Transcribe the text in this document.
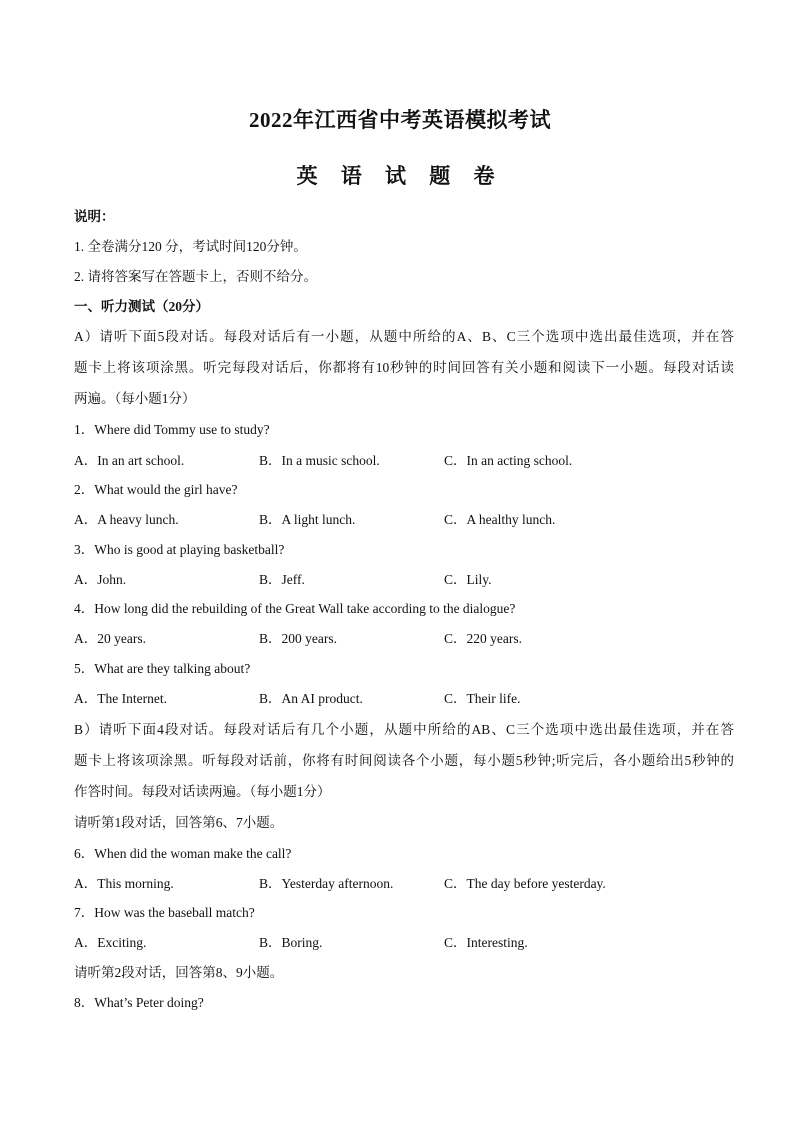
2022年江西省中考英语模拟考试
英 语 试 题 卷
说明：
1. 全卷满分120 分，考试时间120分钟。
2. 请将答案写在答题卡上，否则不给分。
一、听力测试（20分）
A）请听下面5段对话。每段对话后有一小题，从题中所给的A、B、C三个选项中选出最佳选项，并在答
题卡上将该项涂黑。听完每段对话后，你都将有10秒钟的时间回答有关小题和阅读下一小题。每段对话读
两遍。（每小题1分）
1．Where did Tommy use to study?
A．In an art school.	B．In a music school.	C．In an acting school.
2．What would the girl have?
A．A heavy lunch.	B．A light lunch.	C．A healthy lunch.
3．Who is good at playing basketball?
A．John.	B．Jeff.	C．Lily.
4．How long did the rebuilding of the Great Wall take according to the dialogue?
A．20 years.	B．200 years.	C．220 years.
5．What are they talking about?
A．The Internet.	B．An AI product.	C．Their life.
B）请听下面4段对话。每段对话后有几个小题，从题中所给的AB、C三个选项中选出最佳选项，并在答
题卡上将该项涂黑。听每段对话前，你将有时间阅读各个小题，每小题5秒钟;听完后，各小题给出5秒钟的
作答时间。每段对话读两遍。（每小题1分）
请听第1段对话，回答第6、7小题。
6．When did the woman make the call?
A．This morning.	B．Yesterday afternoon.	C．The day before yesterday.
7．How was the baseball match?
A．Exciting.	B．Boring.	C．Interesting.
请听第2段对话，回答第8、9小题。
8．What’s Peter doing?
